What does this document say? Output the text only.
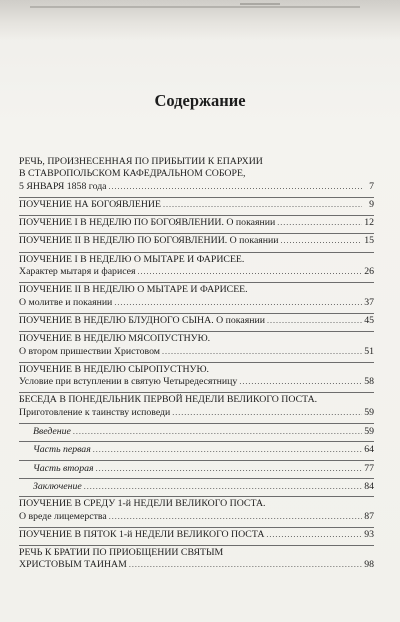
Содержание
РЕЧЬ, ПРОИЗНЕСЕННАЯ ПО ПРИБЫТИИ К ЕПАРХИИ
В СТАВРОПОЛЬСКОМ КАФЕДРАЛЬНОМ СОБОРЕ,
5 ЯНВАРЯ 1858 года .....	7
ПОУЧЕНИЕ НА БОГОЯВЛЕНИЕ .....	9
ПОУЧЕНИЕ I В НЕДЕЛЮ ПО БОГОЯВЛЕНИИ. О покаянии .....	12
ПОУЧЕНИЕ II В НЕДЕЛЮ ПО БОГОЯВЛЕНИИ. О покаянии .....	15
ПОУЧЕНИЕ I В НЕДЕЛЮ О МЫТАРЕ И ФАРИСЕЕ.
Характер мытаря и фарисея .....	26
ПОУЧЕНИЕ II В НЕДЕЛЮ О МЫТАРЕ И ФАРИСЕЕ.
О молитве и покаянии .....	37
ПОУЧЕНИЕ В НЕДЕЛЮ БЛУДНОГО СЫНА. О покаянии .....	45
ПОУЧЕНИЕ В НЕДЕЛЮ МЯСОПУСТНУЮ.
О втором пришествии Христовом .....	51
ПОУЧЕНИЕ В НЕДЕЛЮ СЫРОПУСТНУЮ.
Условие при вступлении в святую Четыредесятницу .....	58
БЕСЕДА В ПОНЕДЕЛЬНИК ПЕРВОЙ НЕДЕЛИ ВЕЛИКОГО ПОСТА.
Приготовление к таинству исповеди .....	59
Введение .....	59
Часть первая .....	64
Часть вторая .....	77
Заключение .....	84
ПОУЧЕНИЕ В СРЕДУ 1-й НЕДЕЛИ ВЕЛИКОГО ПОСТА.
О вреде лицемерства .....	87
ПОУЧЕНИЕ В ПЯТОК 1-й НЕДЕЛИ ВЕЛИКОГО ПОСТА .....	93
РЕЧЬ К БРАТИИ ПО ПРИОБЩЕНИИ СВЯТЫМ
ХРИСТОВЫМ ТАИНАМ .....	98
